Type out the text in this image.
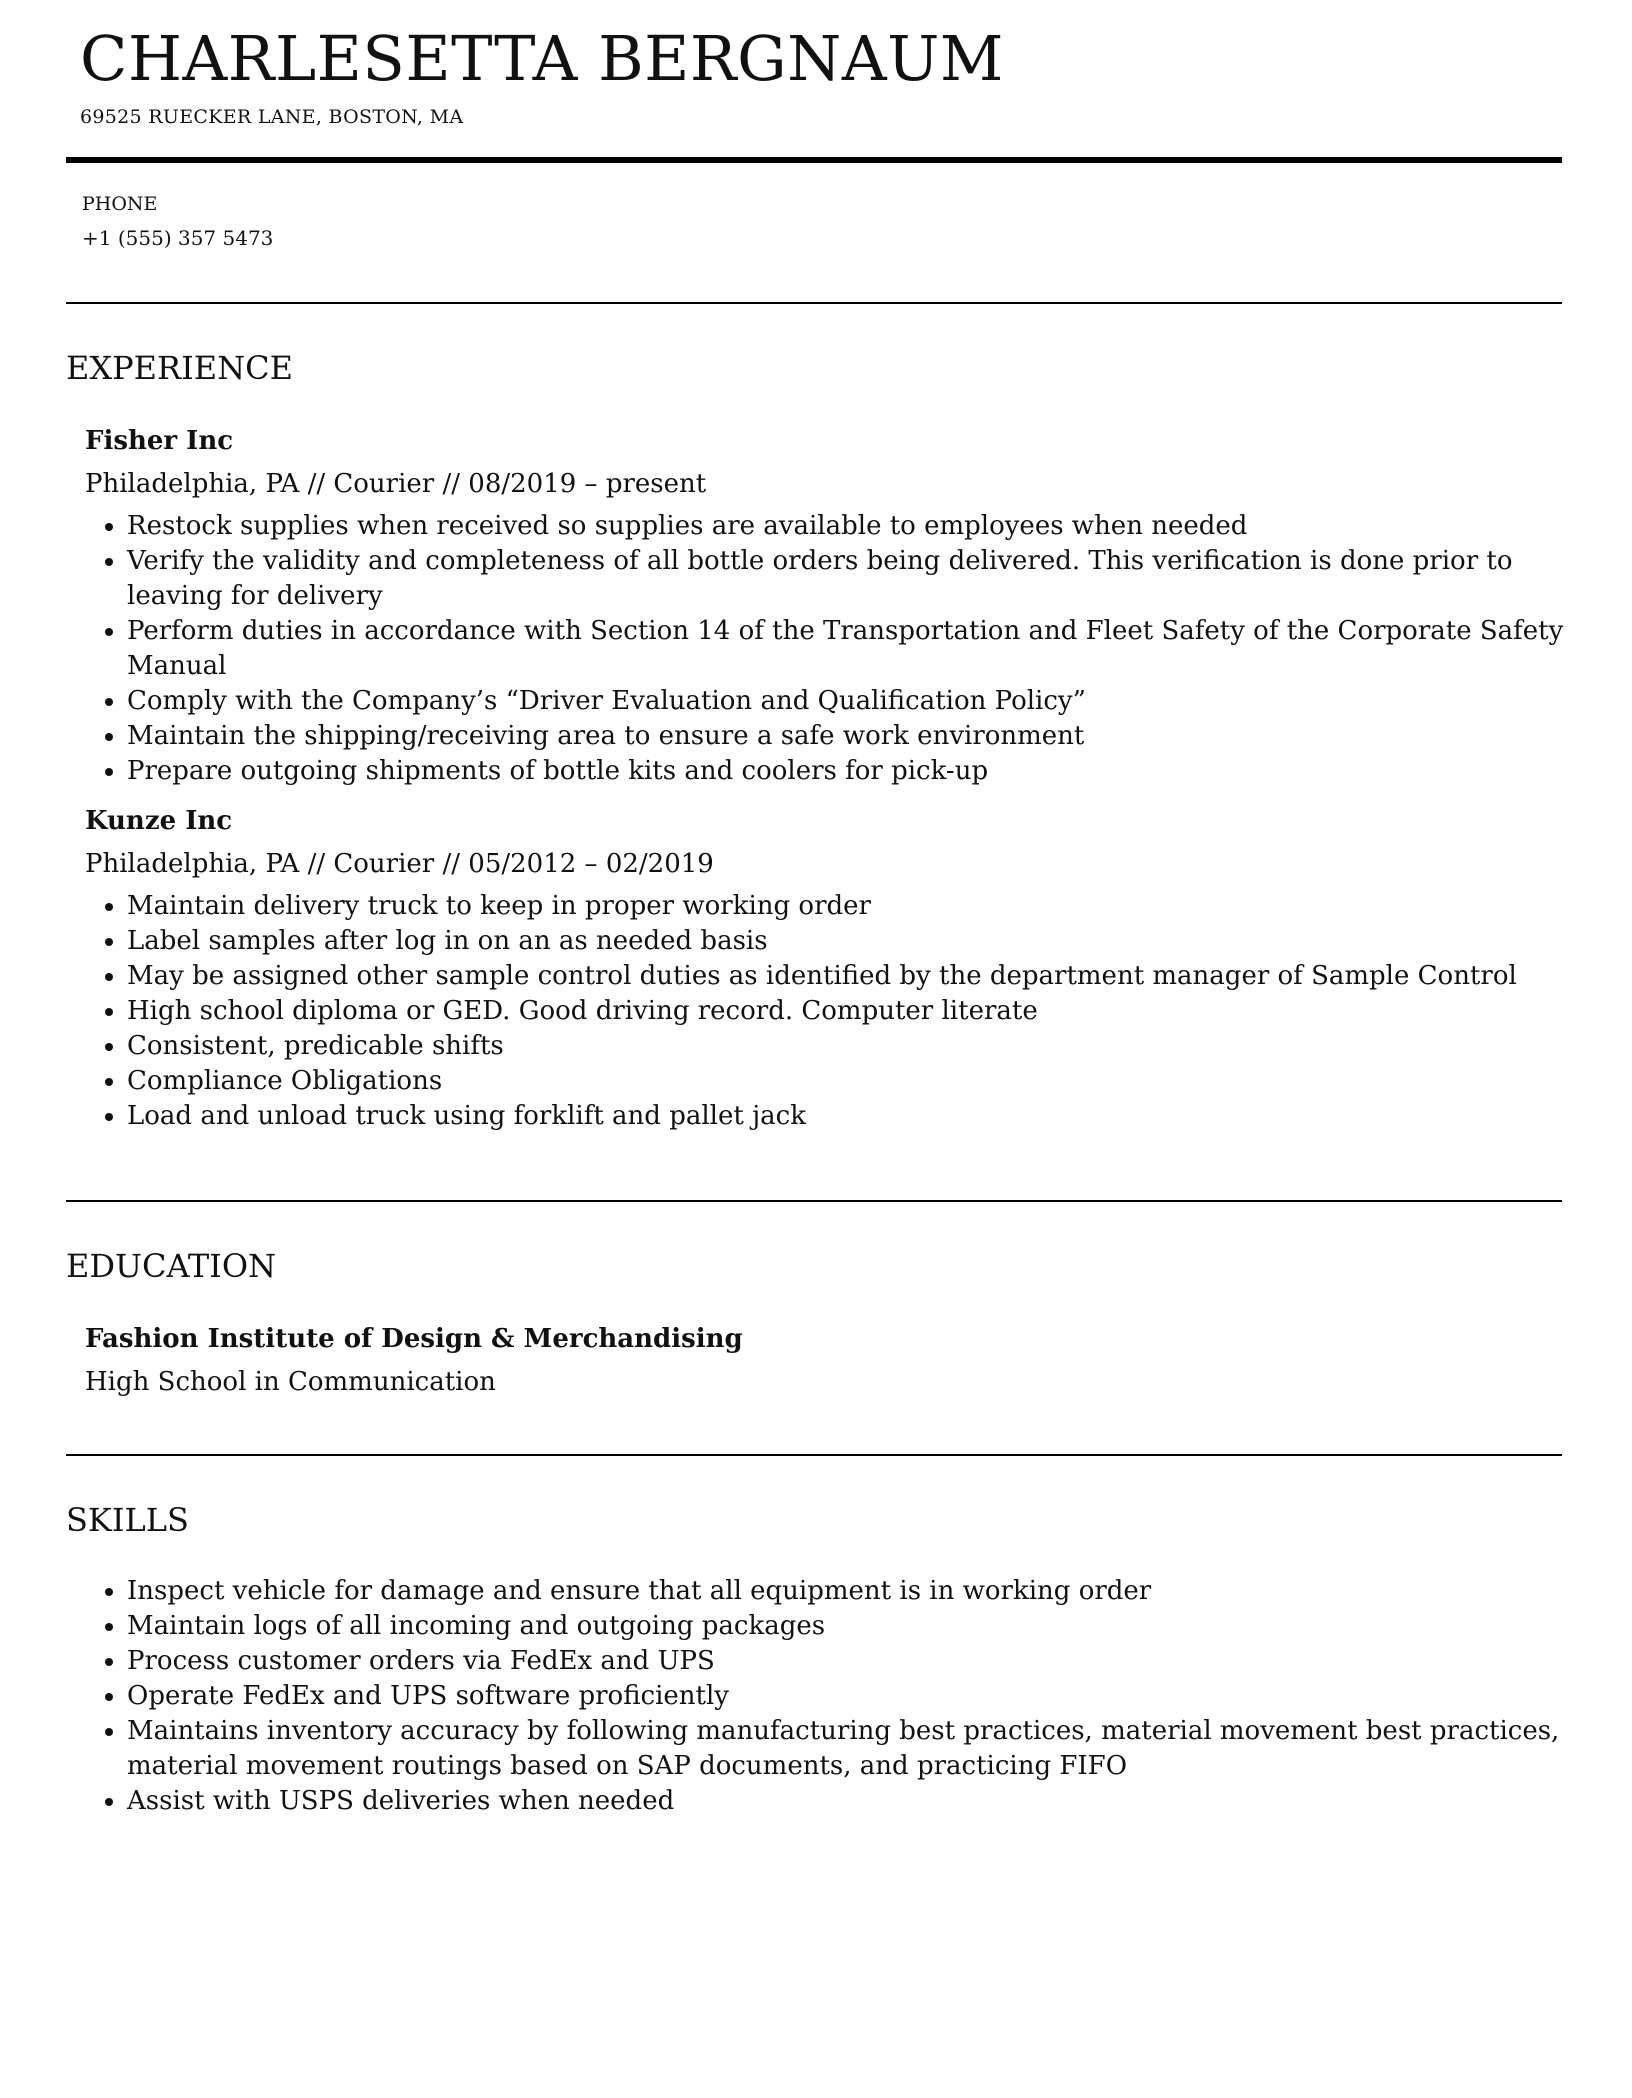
CHARLESETTA BERGNAUM
69525 RUECKER LANE, BOSTON, MA
PHONE
+1 (555) 357 5473
EXPERIENCE
Fisher Inc
Philadelphia, PA // Courier // 08/2019 – present
• Restock supplies when received so supplies are available to employees when needed
• Verify the validity and completeness of all bottle orders being delivered. This verification is done prior to leaving for delivery
• Perform duties in accordance with Section 14 of the Transportation and Fleet Safety of the Corporate Safety Manual
• Comply with the Company’s “Driver Evaluation and Qualification Policy”
• Maintain the shipping/receiving area to ensure a safe work environment
• Prepare outgoing shipments of bottle kits and coolers for pick-up
Kunze Inc
Philadelphia, PA // Courier // 05/2012 – 02/2019
• Maintain delivery truck to keep in proper working order
• Label samples after log in on an as needed basis
• May be assigned other sample control duties as identified by the department manager of Sample Control
• High school diploma or GED. Good driving record. Computer literate
• Consistent, predicable shifts
• Compliance Obligations
• Load and unload truck using forklift and pallet jack
EDUCATION
Fashion Institute of Design & Merchandising
High School in Communication
SKILLS
• Inspect vehicle for damage and ensure that all equipment is in working order
• Maintain logs of all incoming and outgoing packages
• Process customer orders via FedEx and UPS
• Operate FedEx and UPS software proficiently
• Maintains inventory accuracy by following manufacturing best practices, material movement best practices, material movement routings based on SAP documents, and practicing FIFO
• Assist with USPS deliveries when needed
